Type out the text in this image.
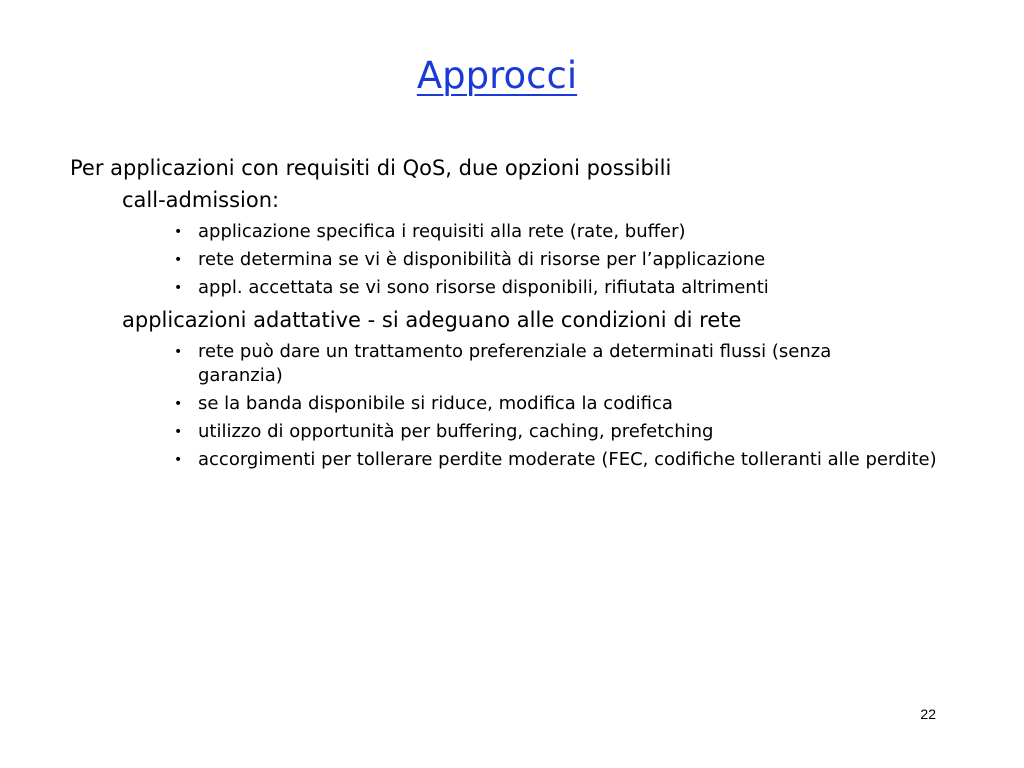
Approcci
Per applicazioni con requisiti di QoS, due opzioni possibili
call-admission:
• applicazione specifica i requisiti alla rete (rate, buffer)
• rete determina se vi è disponibilità di risorse per l’applicazione
• appl. accettata se vi sono risorse disponibili, rifiutata altrimenti
applicazioni adattative - si adeguano alle condizioni di rete
• rete può dare un trattamento preferenziale a determinati flussi (senza garanzia)
• se la banda disponibile si riduce, modifica la codifica
• utilizzo di opportunità per buffering, caching, prefetching
• accorgimenti per tollerare perdite moderate (FEC, codifiche tolleranti alle perdite)
22
